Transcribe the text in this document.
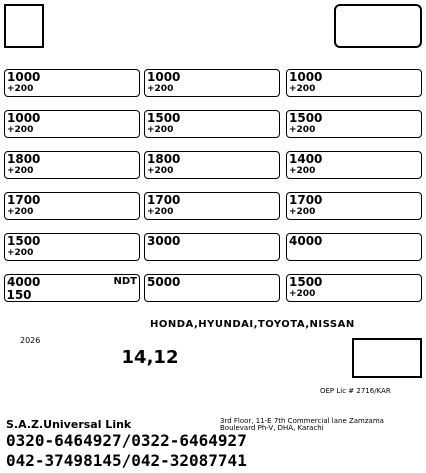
1000
+200
1000
+200
1000
+200
1000
+200
1500
+200
1500
+200
1800
+200
1800
+200
1400
+200
1700
+200
1700
+200
1700
+200
1500
+200
3000	4000
NDT
4000	5000	1500
+200
HONDA,HYUNDAI,TOYOTA,NISSAN
2026
14,12
OEP Lic # 2716/KAR
S.A.Z.Universal Link	3rd Floor, 11-E 7th Commercial lane Zamzama Boulevard Ph-V, DHA, Karachi
0320-6464927/0322-6464927
042-37498145/042-32087741
150
